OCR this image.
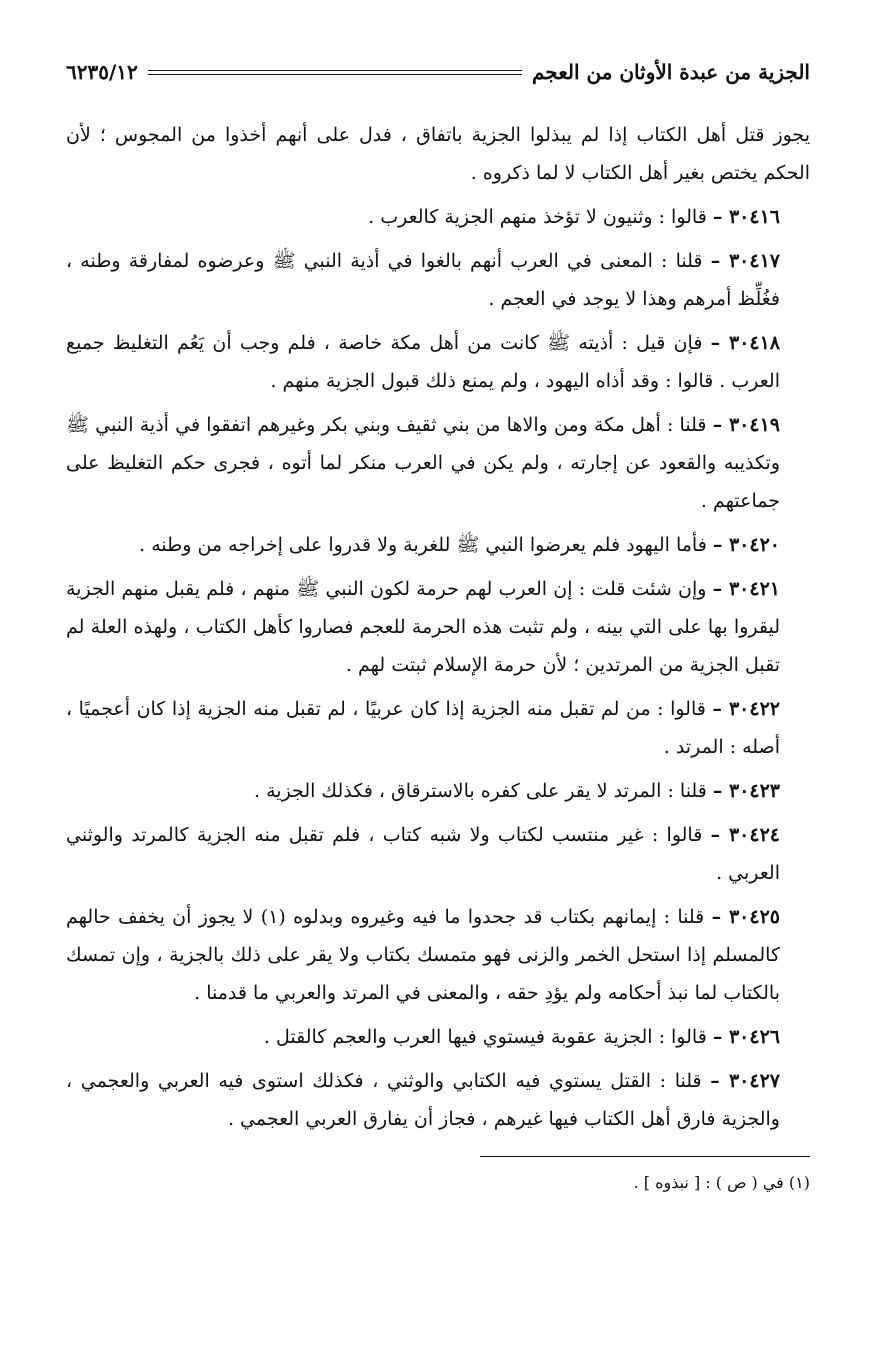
الجزية من عبدة الأوثان من العجم
٦٢٣٥/١٢

يجوز قتل أهل الكتاب إذا لم يبذلوا الجزية باتفاق ، فدل على أنهم أخذوا من المجوس ؛ لأن الحكم يختص بغير أهل الكتاب لا لما ذكروه .

٣٠٤١٦ – قالوا : وثنيون لا تؤخذ منهم الجزية كالعرب .

٣٠٤١٧ – قلنا : المعنى في العرب أنهم بالغوا في أذية النبي ﷺ وعرضوه لمفارقة وطنه ، فغُلِّظ أمرهم وهذا لا يوجد في العجم .

٣٠٤١٨ – فإن قيل : أذيته ﷺ كانت من أهل مكة خاصة ، فلم وجب أن يَعُم التغليظ جميع العرب . قالوا : وقد أذاه اليهود ، ولم يمنع ذلك قبول الجزية منهم .

٣٠٤١٩ – قلنا : أهل مكة ومن والاها من بني ثقيف وبني بكر وغيرهم اتفقوا في أذية النبي ﷺ وتكذيبه والقعود عن إجارته ، ولم يكن في العرب منكر لما أتوه ، فجرى حكم التغليظ على جماعتهم .

٣٠٤٢٠ – فأما اليهود فلم يعرضوا النبي ﷺ للغربة ولا قدروا على إخراجه من وطنه .

٣٠٤٢١ – وإن شئت قلت : إن العرب لهم حرمة لكون النبي ﷺ منهم ، فلم يقبل منهم الجزية ليقروا بها على التي بينه ، ولم تثبت هذه الحرمة للعجم فصاروا كأهل الكتاب ، ولهذه العلة لم تقبل الجزية من المرتدين ؛ لأن حرمة الإسلام ثبتت لهم .

٣٠٤٢٢ – قالوا : من لم تقبل منه الجزية إذا كان عربيًا ، لم تقبل منه الجزية إذا كان أعجميًا ، أصله : المرتد .

٣٠٤٢٣ – قلنا : المرتد لا يقر على كفره بالاسترقاق ، فكذلك الجزية .

٣٠٤٢٤ – قالوا : غير منتسب لكتاب ولا شبه كتاب ، فلم تقبل منه الجزية كالمرتد والوثني العربي .

٣٠٤٢٥ – قلنا : إيمانهم بكتاب قد جحدوا ما فيه وغيروه وبدلوه (١) لا يجوز أن يخفف حالهم كالمسلم إذا استحل الخمر والزنى فهو متمسك بكتاب ولا يقر على ذلك بالجزية ، وإن تمسك بالكتاب لما نبذ أحكامه ولم يؤدِ حقه ، والمعنى في المرتد والعربي ما قدمنا .

٣٠٤٢٦ – قالوا : الجزية عقوبة فيستوي فيها العرب والعجم كالقتل .

٣٠٤٢٧ – قلنا : القتل يستوي فيه الكتابي والوثني ، فكذلك استوى فيه العربي والعجمي ، والجزية فارق أهل الكتاب فيها غيرهم ، فجاز أن يفارق العربي العجمي .

(١) في ( ص ) : [ نبذوه ] .
